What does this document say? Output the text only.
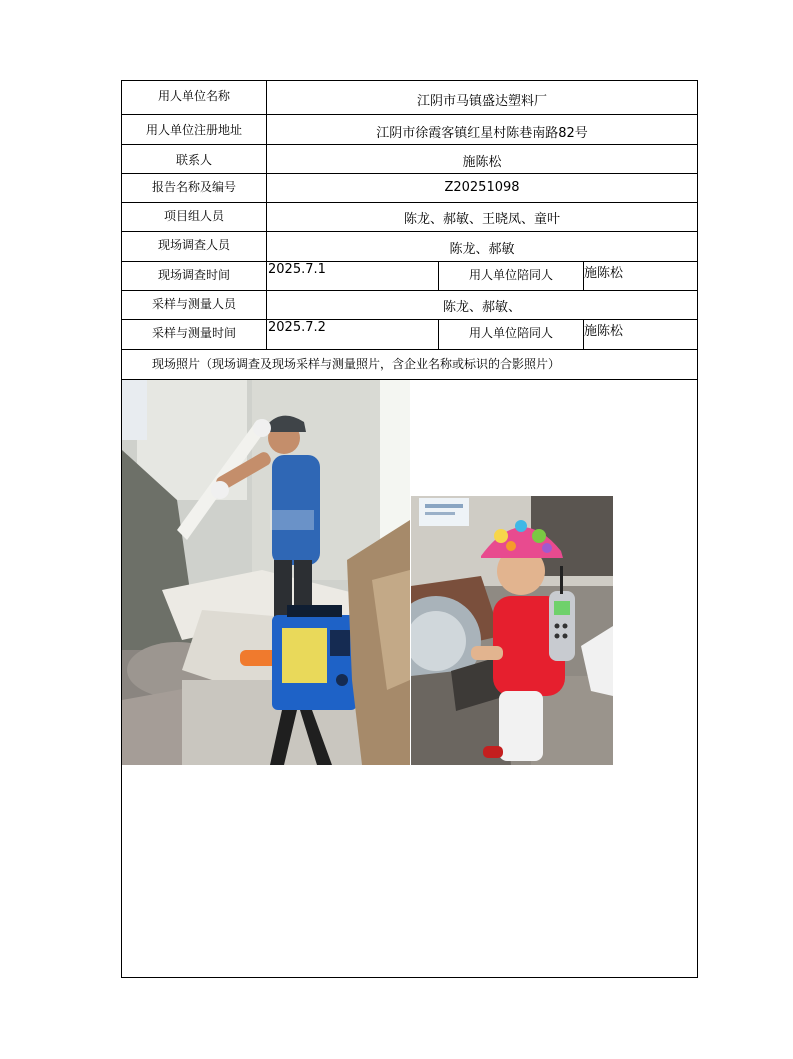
用人单位名称	江阴市马镇盛达塑料厂
用人单位注册地址	江阴市徐霞客镇红星村陈巷南路82号
联系人	施陈松
报告名称及编号	Z20251098
项目组人员	陈龙、郝敏、王晓凤、童叶
现场调查人员	陈龙、郝敏
现场调查时间	2025.7.1	用人单位陪同人	施陈松
采样与测量人员	陈龙、郝敏、
采样与测量时间	2025.7.2	用人单位陪同人	施陈松
现场照片（现场调查及现场采样与测量照片，含企业名称或标识的合影照片）
